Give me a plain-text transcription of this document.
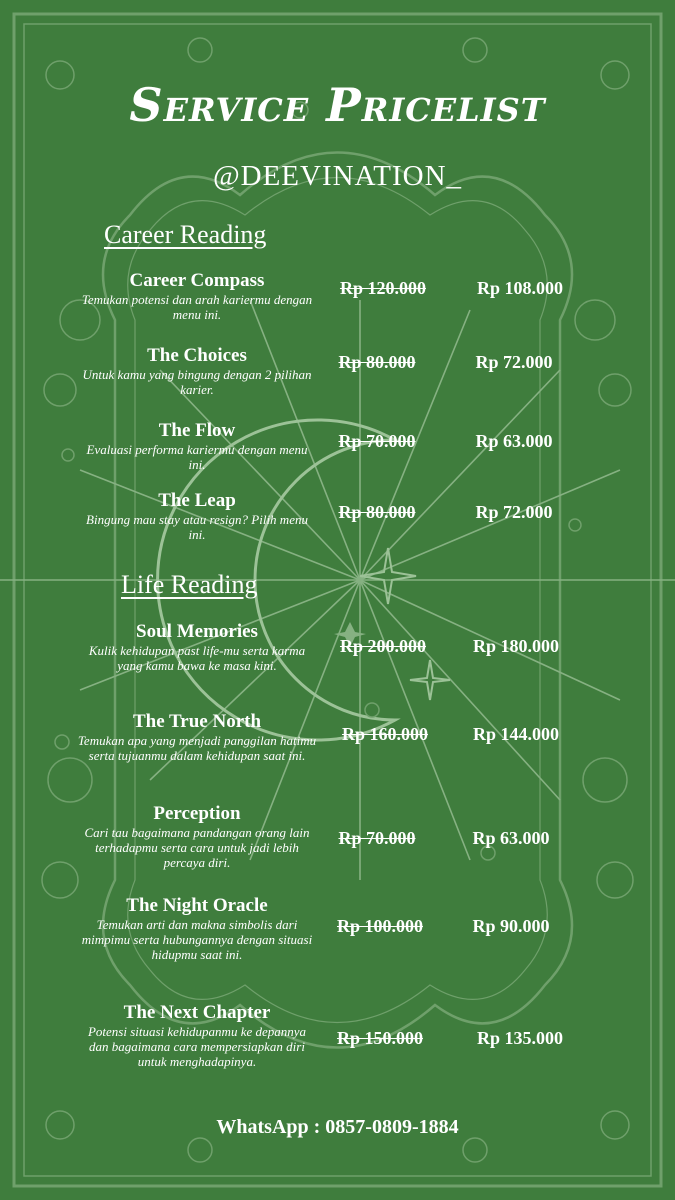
Service Pricelist
@DEEVINATION_
Career Reading
Career Compass
Temukan potensi dan arah kariermu dengan menu ini.
Rp 120.000	Rp 108.000
The Choices
Untuk kamu yang bingung dengan 2 pilihan karier.
Rp 80.000	Rp 72.000
The Flow
Evaluasi performa kariermu dengan menu ini.
Rp 70.000	Rp 63.000
The Leap
Bingung mau stay atau resign? Pilih menu ini.
Rp 80.000	Rp 72.000
Life Reading
Soul Memories
Kulik kehidupan past life-mu serta karma yang kamu bawa ke masa kini.
Rp 200.000	Rp 180.000
The True North
Temukan apa yang menjadi panggilan hatimu serta tujuanmu dalam kehidupan saat ini.
Rp 160.000	Rp 144.000
Perception
Cari tau bagaimana pandangan orang lain terhadapmu serta cara untuk jadi lebih percaya diri.
Rp 70.000	Rp 63.000
The Night Oracle
Temukan arti dan makna simbolis dari mimpimu serta hubungannya dengan situasi hidupmu saat ini.
Rp 100.000	Rp 90.000
The Next Chapter
Potensi situasi kehidupanmu ke depannya dan bagaimana cara mempersiapkan diri untuk menghadapinya.
Rp 150.000	Rp 135.000
WhatsApp : 0857-0809-1884
